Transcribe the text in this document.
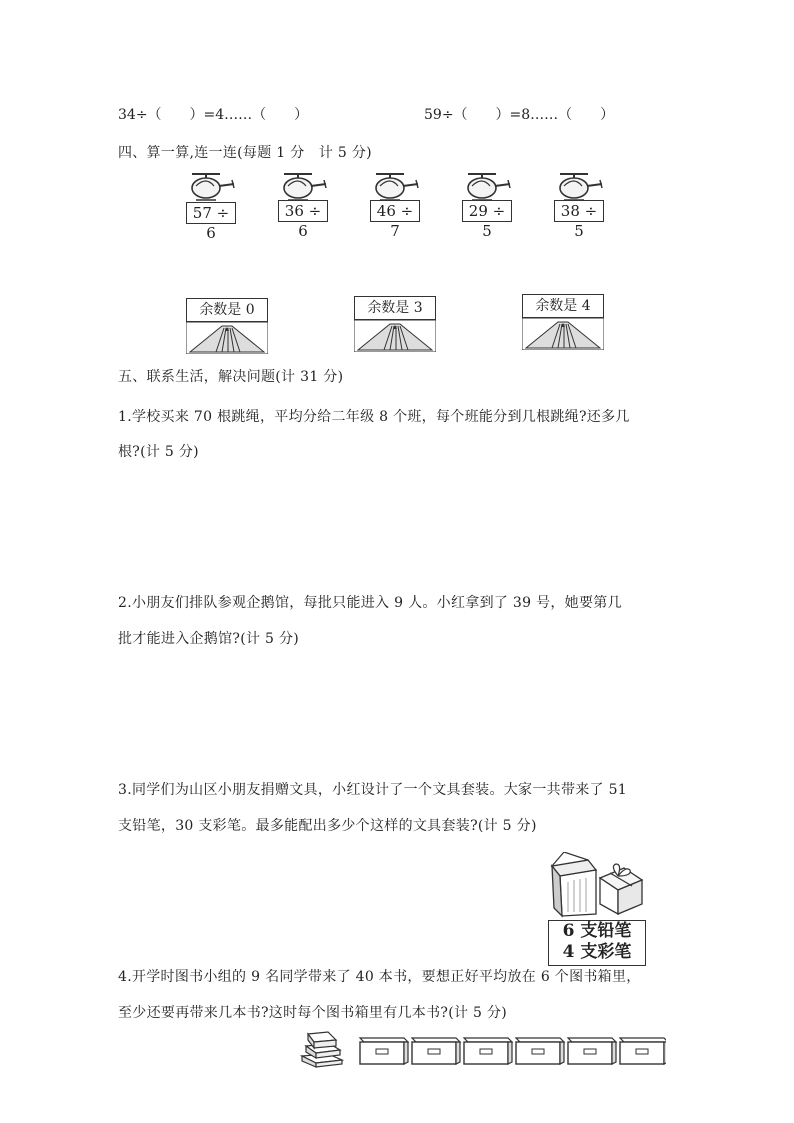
34÷（　　）=4……（　　）	59÷（　　）=8……（　　）
四、算一算,连一连(每题 1 分　计 5 分)
57 ÷ 6
36 ÷ 6
46 ÷ 7
29 ÷ 5
38 ÷ 5
余数是 0	余数是 3	余数是 4
五、联系生活，解决问题(计 31 分)
1.学校买来 70 根跳绳，平均分给二年级 8 个班，每个班能分到几根跳绳?还多几
根?(计 5 分)
2.小朋友们排队参观企鹅馆，每批只能进入 9 人。小红拿到了 39 号，她要第几
批才能进入企鹅馆?(计 5 分)
3.同学们为山区小朋友捐赠文具，小红设计了一个文具套装。大家一共带来了 51
支铅笔，30 支彩笔。最多能配出多少个这样的文具套装?(计 5 分)
6 支铅笔
4 支彩笔
4.开学时图书小组的 9 名同学带来了 40 本书，要想正好平均放在 6 个图书箱里，
至少还要再带来几本书?这时每个图书箱里有几本书?(计 5 分)
